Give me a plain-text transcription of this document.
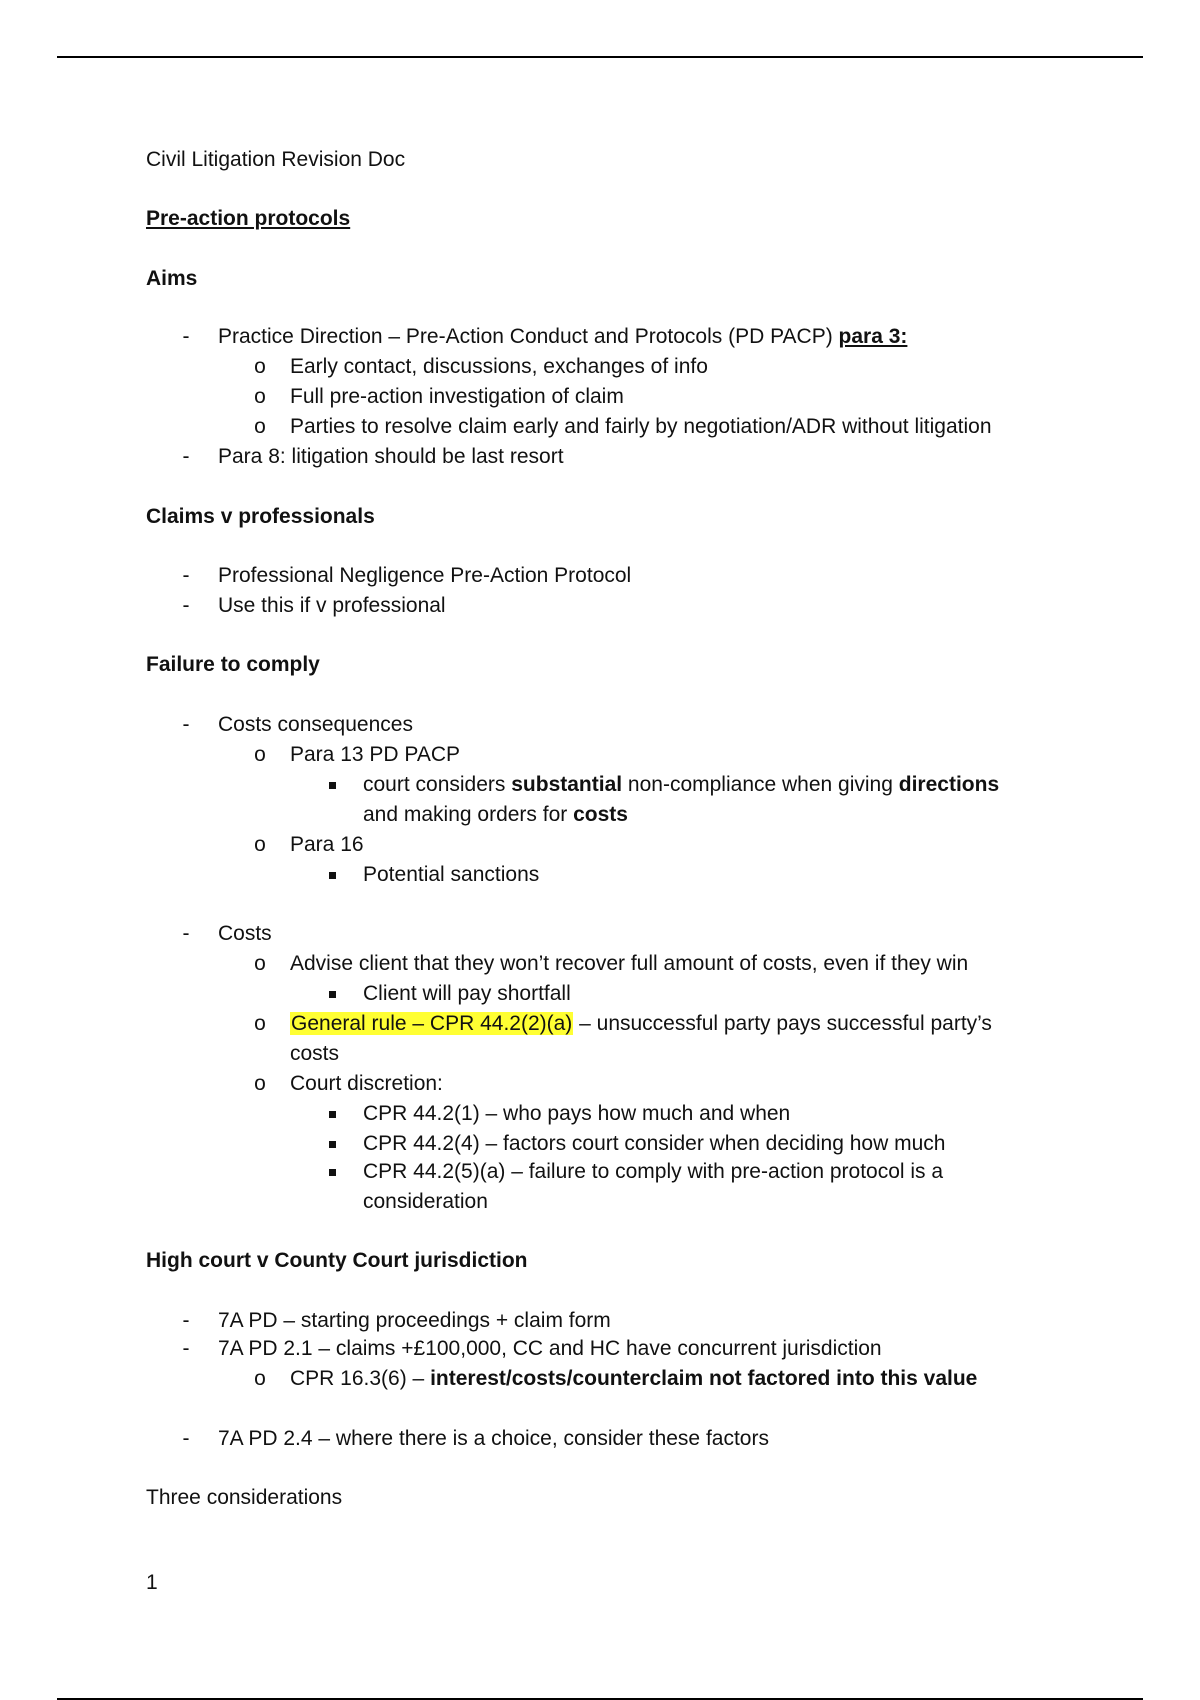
Civil Litigation Revision Doc
Pre-action protocols
Aims
-	Practice Direction – Pre-Action Conduct and Protocols (PD PACP) para 3:
o Early contact, discussions, exchanges of info
o Full pre-action investigation of claim
o Parties to resolve claim early and fairly by negotiation/ADR without litigation
-	Para 8: litigation should be last resort
Claims v professionals
-	Professional Negligence Pre-Action Protocol
-	Use this if v professional
Failure to comply
-	Costs consequences
o Para 13 PD PACP
court considers substantial non-compliance when giving directions
and making orders for costs
o Para 16
Potential sanctions
-	Costs
o Advise client that they won’t recover full amount of costs, even if they win
Client will pay shortfall
o General rule – CPR 44.2(2)(a) – unsuccessful party pays successful party’s
costs
o Court discretion:
CPR 44.2(1) – who pays how much and when
CPR 44.2(4) – factors court consider when deciding how much
CPR 44.2(5)(a) – failure to comply with pre-action protocol is a
consideration
High court v County Court jurisdiction
-	7A PD – starting proceedings + claim form
-	7A PD 2.1 – claims +£100,000, CC and HC have concurrent jurisdiction
o CPR 16.3(6) – interest/costs/counterclaim not factored into this value
-	7A PD 2.4 – where there is a choice, consider these factors
Three considerations
1
